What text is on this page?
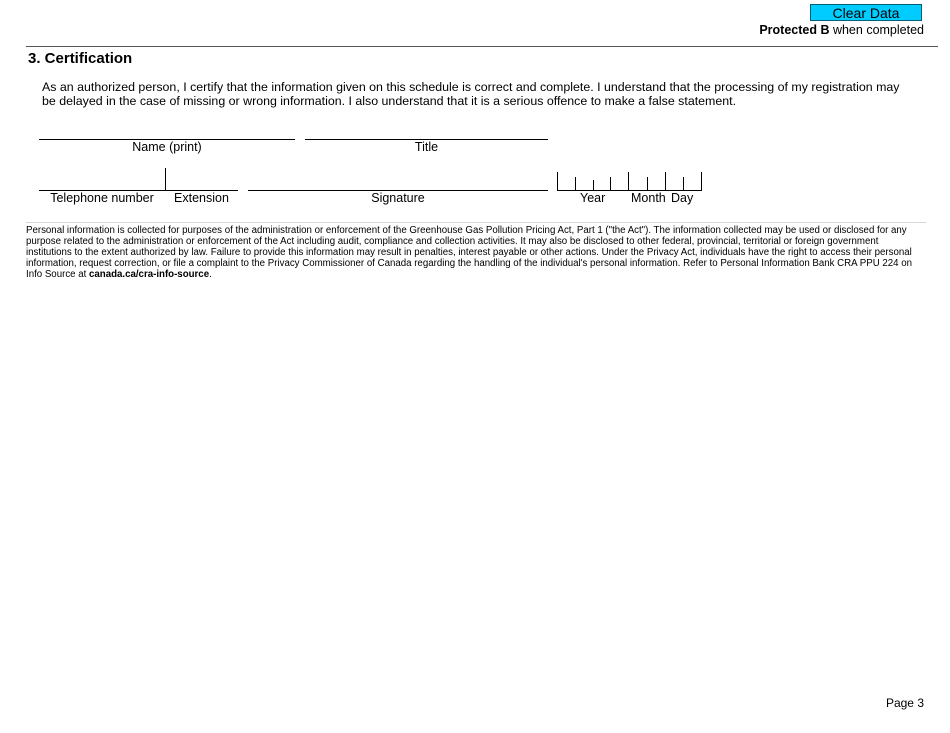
Clear Data
Protected B when completed
3. Certification
As an authorized person, I certify that the information given on this schedule is correct and complete. I understand that the processing of my registration may be delayed in the case of missing or wrong information. I also understand that it is a serious offence to make a false statement.
Name (print)	Title
Telephone number	Extension	Signature	Year Month Day
Personal information is collected for purposes of the administration or enforcement of the Greenhouse Gas Pollution Pricing Act, Part 1 ("the Act"). The information collected may be used or disclosed for any purpose related to the administration or enforcement of the Act including audit, compliance and collection activities. It may also be disclosed to other federal, provincial, territorial or foreign government institutions to the extent authorized by law. Failure to provide this information may result in penalties, interest payable or other actions. Under the Privacy Act, individuals have the right to access their personal information, request correction, or file a complaint to the Privacy Commissioner of Canada regarding the handling of the individual's personal information. Refer to Personal Information Bank CRA PPU 224 on Info Source at canada.ca/cra-info-source.
Page 3
